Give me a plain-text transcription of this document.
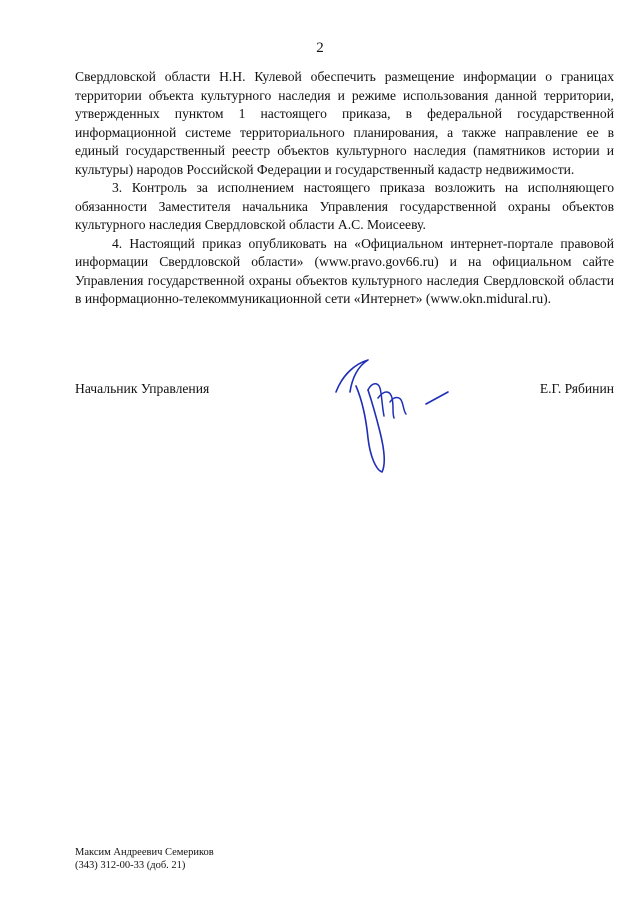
2

Свердловской области Н.Н. Кулевой обеспечить размещение информации о границах территории объекта культурного наследия и режиме использования данной территории, утвержденных пунктом 1 настоящего приказа, в федеральной государственной информационной системе территориального планирования, а также направление ее в единый государственный реестр объектов культурного наследия (памятников истории и культуры) народов Российской Федерации и государственный кадастр недвижимости.

3. Контроль за исполнением настоящего приказа возложить на исполняющего обязанности Заместителя начальника Управления государственной охраны объектов культурного наследия Свердловской области А.С. Моисееву.

4. Настоящий приказ опубликовать на «Официальном интернет-портале правовой информации Свердловской области» (www.pravo.gov66.ru) и на официальном сайте Управления государственной охраны объектов культурного наследия Свердловской области в информационно-телекоммуникационной сети «Интернет» (www.okn.midural.ru).

Начальник Управления	Е.Г. Рябинин
Максим Андреевич Семериков
(343) 312-00-33 (доб. 21)
